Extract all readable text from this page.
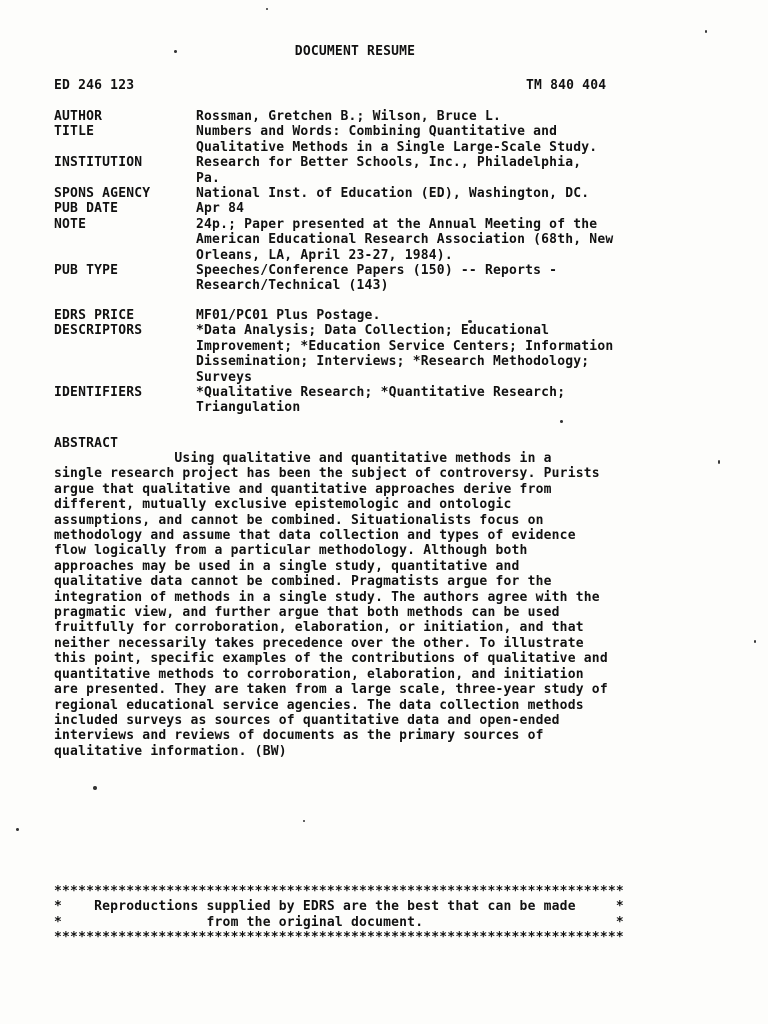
DOCUMENT RESUME
ED 246 123	TM 840 404
AUTHOR	Rossman, Gretchen B.; Wilson, Bruce L.
TITLE	Numbers and Words: Combining Quantitative and
Qualitative Methods in a Single Large-Scale Study.
INSTITUTION	Research for Better Schools, Inc., Philadelphia,
Pa.
SPONS AGENCY	National Inst. of Education (ED), Washington, DC.
PUB DATE	Apr 84
NOTE	24p.; Paper presented at the Annual Meeting of the
American Educational Research Association (68th, New
Orleans, LA, April 23-27, 1984).
PUB TYPE	Speeches/Conference Papers (150) -- Reports -
Research/Technical (143)
EDRS PRICE	MF01/PC01 Plus Postage.
DESCRIPTORS	*Data Analysis; Data Collection; Educational
Improvement; *Education Service Centers; Information
Dissemination; Interviews; *Research Methodology;
Surveys
IDENTIFIERS	*Qualitative Research; *Quantitative Research;
Triangulation
ABSTRACT
Using qualitative and quantitative methods in a
single research project has been the subject of controversy. Purists
argue that qualitative and quantitative approaches derive from
different, mutually exclusive epistemologic and ontologic
assumptions, and cannot be combined. Situationalists focus on
methodology and assume that data collection and types of evidence
flow logically from a particular methodology. Although both
approaches may be used in a single study, quantitative and
qualitative data cannot be combined. Pragmatists argue for the
integration of methods in a single study. The authors agree with the
pragmatic view, and further argue that both methods can be used
fruitfully for corroboration, elaboration, or initiation, and that
neither necessarily takes precedence over the other. To illustrate
this point, specific examples of the contributions of qualitative and
quantitative methods to corroboration, elaboration, and initiation
are presented. They are taken from a large scale, three-year study of
regional educational service agencies. The data collection methods
included surveys as sources of quantitative data and open-ended
interviews and reviews of documents as the primary sources of
qualitative information. (BW)
***********************************************************************
*    Reproductions supplied by EDRS are the best that can be made     *
*                  from the original document.                        *
***********************************************************************
